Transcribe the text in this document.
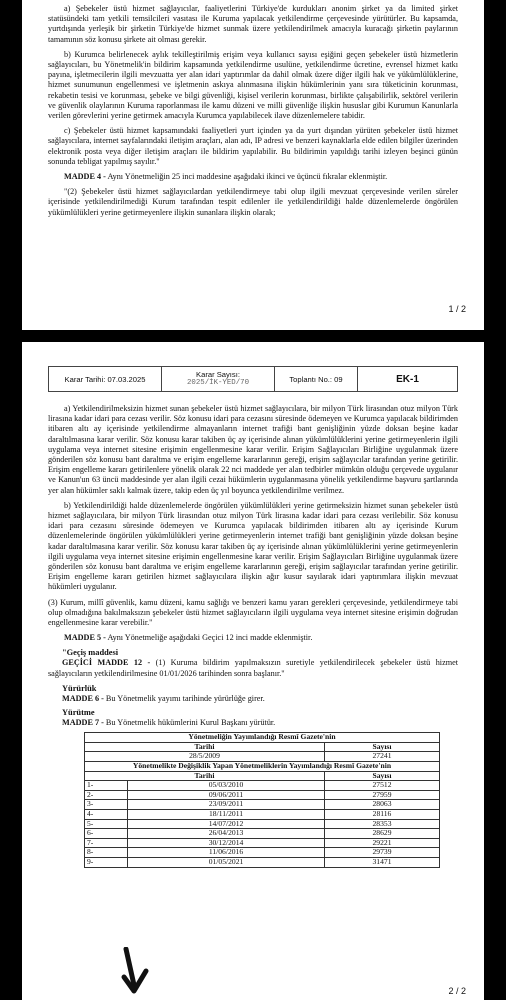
a) Şebekeler üstü hizmet sağlayıcılar, faaliyetlerini Türkiye'de kurdukları anonim şirket ya da limited şirket statüsündeki tam yetkili temsilcileri vasıtası ile Kuruma yapılacak yetkilendirme çerçevesinde yürütürler. Bu kapsamda, yurtdışında yerleşik bir şirketin Türkiye'de hizmet sunmak üzere yetkilendirilmek amacıyla kuracağı şirketin paylarının tamamının söz konusu şirkete ait olması gerekir.

b) Kurumca belirlenecek aylık tekilleştirilmiş erişim veya kullanıcı sayısı eşiğini geçen şebekeler üstü hizmetlerin sağlayıcıları, bu Yönetmelik'in bildirim kapsamında yetkilendirme usulüne, yetkilendirme ücretine, evrensel hizmet katkı payına, işletmecilerin ilgili mevzuatta yer alan idari yaptırımlar da dahil olmak üzere diğer ilgili hak ve yükümlülüklerine, hizmet sunumunun engellenmesi ve işletmenin askıya alınmasına ilişkin hükümlerinin yanı sıra tüketicinin korunması, rekabetin tesisi ve korunması, şebeke ve bilgi güvenliği, kişisel verilerin korunması, birlikte çalışabilirlik, sektörel verilerin ve güvenlik olaylarının Kuruma raporlanması ile kamu düzeni ve milli güvenliğe ilişkin hususlar gibi Kurumun Kanunlarla verilen görevlerini yerine getirmek amacıyla Kurumca yapılabilecek ilave düzenlemelere tabidir.

c) Şebekeler üstü hizmet kapsamındaki faaliyetleri yurt içinden ya da yurt dışından yürüten şebekeler üstü hizmet sağlayıcılara, internet sayfalarındaki iletişim araçları, alan adı, IP adresi ve benzeri kaynaklarla elde edilen bilgiler üzerinden elektronik posta veya diğer iletişim araçları ile bildirim yapılabilir. Bu bildirimin yapıldığı tarihi izleyen beşinci günün sonunda tebligat yapılmış sayılır."

MADDE 4 - Aynı Yönetmeliğin 25 inci maddesine aşağıdaki ikinci ve üçüncü fıkralar eklenmiştir.

"(2) Şebekeler üstü hizmet sağlayıcılardan yetkilendirmeye tabi olup ilgili mevzuat çerçevesinde verilen süreler içerisinde yetkilendirilmediği Kurum tarafından tespit edilenler ile yetkilendirildiği halde düzenlemelerde öngörülen yükümlülükleri yerine getirmeyenlere ilişkin sunanlara ilişkin olarak;

1 / 2
Karar Tarihi: 07.03.2025	Karar Sayısı:
2025/İK-YED/70	Toplantı No.: 09	EK-1

a) Yetkilendirilmeksizin hizmet sunan şebekeler üstü hizmet sağlayıcılara, bir milyon Türk lirasından otuz milyon Türk lirasına kadar idari para cezası verilir. Söz konusu idari para cezasını süresinde ödemeyen ve Kurumca yapılacak bildirimden itibaren altı ay içerisinde yetkilendirme almayanların internet trafiği bant genişliğinin yüzde doksan beşine kadar daraltılmasına karar verilir. Söz konusu karar takiben üç ay içerisinde alınan yükümlülüklerini yerine getirmeyenlerin ilgili uygulama veya internet sitesine erişimin engellenmesine karar verilir. Erişim Sağlayıcıları Birliğine uygulanmak üzere gönderilen söz konusu bant daraltma ve erişim engelleme kararlarının gereği, erişim sağlayıcılar tarafından yerine getirilir. Erişim engelleme kararı getirilenlere yönelik olarak 22 nci maddede yer alan tedbirler mümkün olduğu çerçevede uygulanır ve Kanun'un 63 üncü maddesinde yer alan ilgili cezai hükümlerin uygulanmasına yönelik yetkilendirme başvuru şartlarında yer alan hükümler saklı kalmak üzere, takip eden üç yıl boyunca yetkilendirilme verilmez.

b) Yetkilendirildiği halde düzenlemelerde öngörülen yükümlülükleri yerine getirmeksizin hizmet sunan şebekeler üstü hizmet sağlayıcılara, bir milyon Türk lirasından otuz milyon Türk lirasına kadar idari para cezası verilebilir. Söz konusu idari para cezasını süresinde ödemeyen ve Kurumca yapılacak bildirimden itibaren altı ay içerisinde Kurum düzenlemelerinde öngörülen yükümlülükleri yerine getirmeyenlerin internet trafiği bant genişliğinin yüzde doksan beşine kadar daraltılmasına karar verilir. Söz konusu karar takiben üç ay içerisinde alınan yükümlülüklerini yerine getirmeyenlerin ilgili uygulama veya internet sitesine erişimin engellenmesine karar verilir. Erişim Sağlayıcıları Birliğine uygulanmak üzere gönderilen söz konusu bant daraltma ve erişim engelleme kararlarının gereği, erişim sağlayıcılar tarafından yerine getirilir. Erişim engelleme kararı getirilen hizmet sağlayıcılara ilişkin ağır kusur sayılarak idari yaptırımlara ilişkin mevzuat hükümleri uygulanır.

(3) Kurum, millî güvenlik, kamu düzeni, kamu sağlığı ve benzeri kamu yararı gerekleri çerçevesinde, yetkilendirmeye tabi olup olmadığına bakılmaksızın şebekeler üstü hizmet sağlayıcıların ilgili uygulama veya internet sitesine erişimin doğrudan engellenmesine karar verebilir."

MADDE 5 - Aynı Yönetmeliğe aşağıdaki Geçici 12 inci madde eklenmiştir.

"Geçiş maddesi

GEÇİCİ MADDE 12 - (1) Kuruma bildirim yapılmaksızın suretiyle yetkilendirilecek şebekeler üstü hizmet sağlayıcıların yetkilendirilmesine 01/01/2026 tarihinden sonra başlanır."

Yürürlük

MADDE 6 - Bu Yönetmelik yayımı tarihinde yürürlüğe girer.

Yürütme

MADDE 7 - Bu Yönetmelik hükümlerini Kurul Başkanı yürütür.

Yönetmeliğin Yayımlandığı Resmî Gazete'nin		
Tarihi		Sayısı
28/5/2009		27241
Yönetmelikte Değişiklik Yapan Yönetmeliklerin Yayımlandığı Resmî Gazete'nin		
Tarihi		Sayısı
1-	05/03/2010	27512
2-	09/06/2011	27959
3-	23/09/2011	28063
4-	18/11/2011	28116
5-	14/07/2012	28353
6-	26/04/2013	28629
7-	30/12/2014	29221
8-	11/06/2016	29739
9-	01/05/2021	31471
2 / 2
